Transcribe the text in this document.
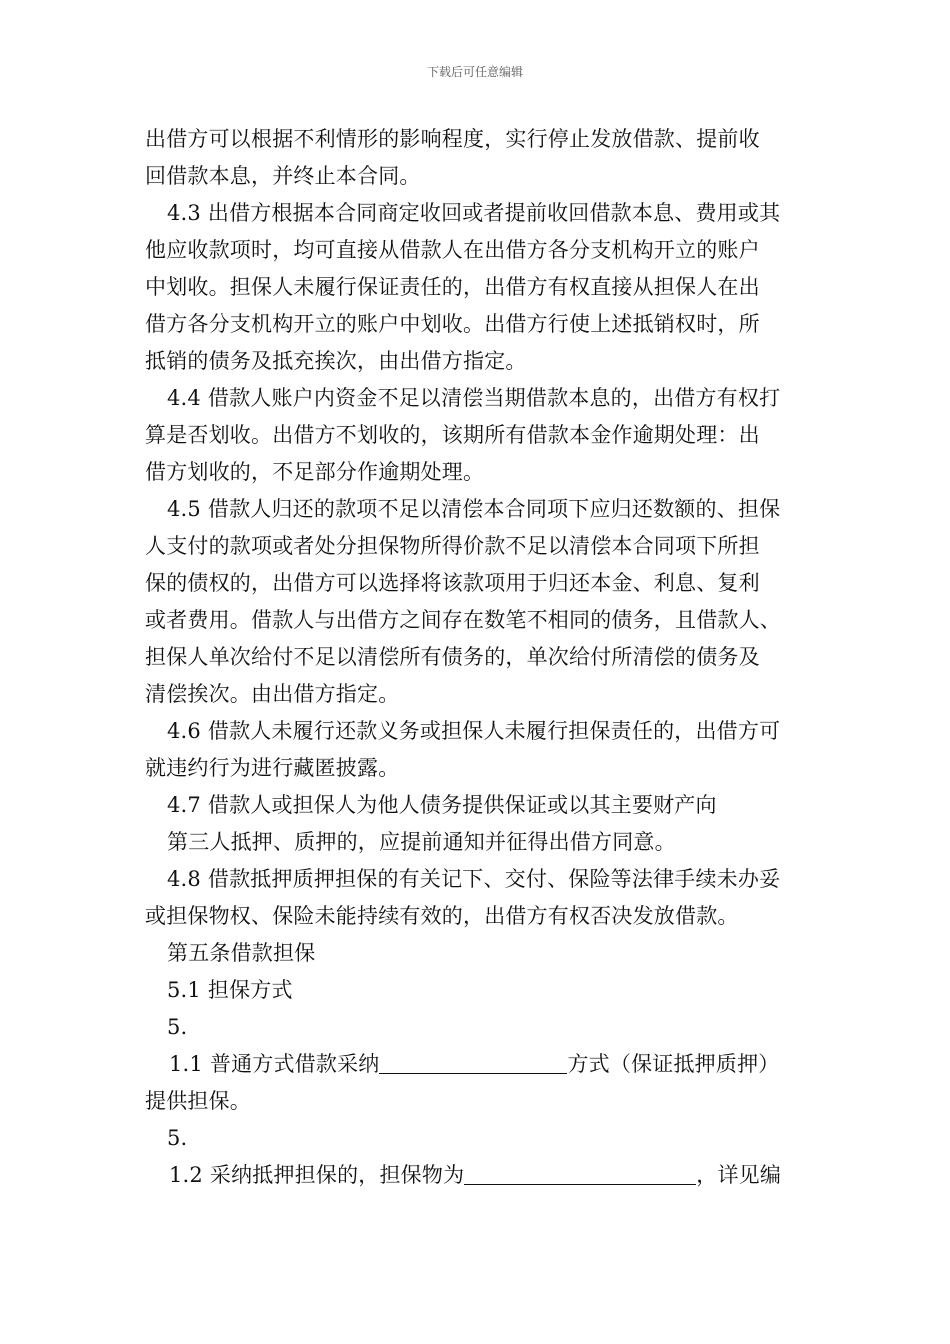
下载后可任意编辑
出借方可以根据不利情形的影响程度，实行停止发放借款、提前收
回借款本息，并终止本合同。
4.3 出借方根据本合同商定收回或者提前收回借款本息、费用或其
他应收款项时，均可直接从借款人在出借方各分支机构开立的账户
中划收。担保人未履行保证责任的，出借方有权直接从担保人在出
借方各分支机构开立的账户中划收。出借方行使上述抵销权时，所
抵销的债务及抵充挨次，由出借方指定。
4.4 借款人账户内资金不足以清偿当期借款本息的，出借方有权打
算是否划收。出借方不划收的，该期所有借款本金作逾期处理：出
借方划收的，不足部分作逾期处理。
4.5 借款人归还的款项不足以清偿本合同项下应归还数额的、担保
人支付的款项或者处分担保物所得价款不足以清偿本合同项下所担
保的债权的，出借方可以选择将该款项用于归还本金、利息、复利
或者费用。借款人与出借方之间存在数笔不相同的债务，且借款人、
担保人单次给付不足以清偿所有债务的，单次给付所清偿的债务及
清偿挨次。由出借方指定。
4.6 借款人未履行还款义务或担保人未履行担保责任的，出借方可
就违约行为进行藏匿披露。
4.7 借款人或担保人为他人债务提供保证或以其主要财产向
第三人抵押、质押的，应提前通知并征得出借方同意。
4.8 借款抵押质押担保的有关记下、交付、保险等法律手续未办妥
或担保物权、保险未能持续有效的，出借方有权否决发放借款。
第五条借款担保
5.1 担保方式
5.
1.1 普通方式借款采纳	方式（保证抵押质押）
提供担保。
5.
1.2 采纳抵押担保的，担保物为	，详见编
